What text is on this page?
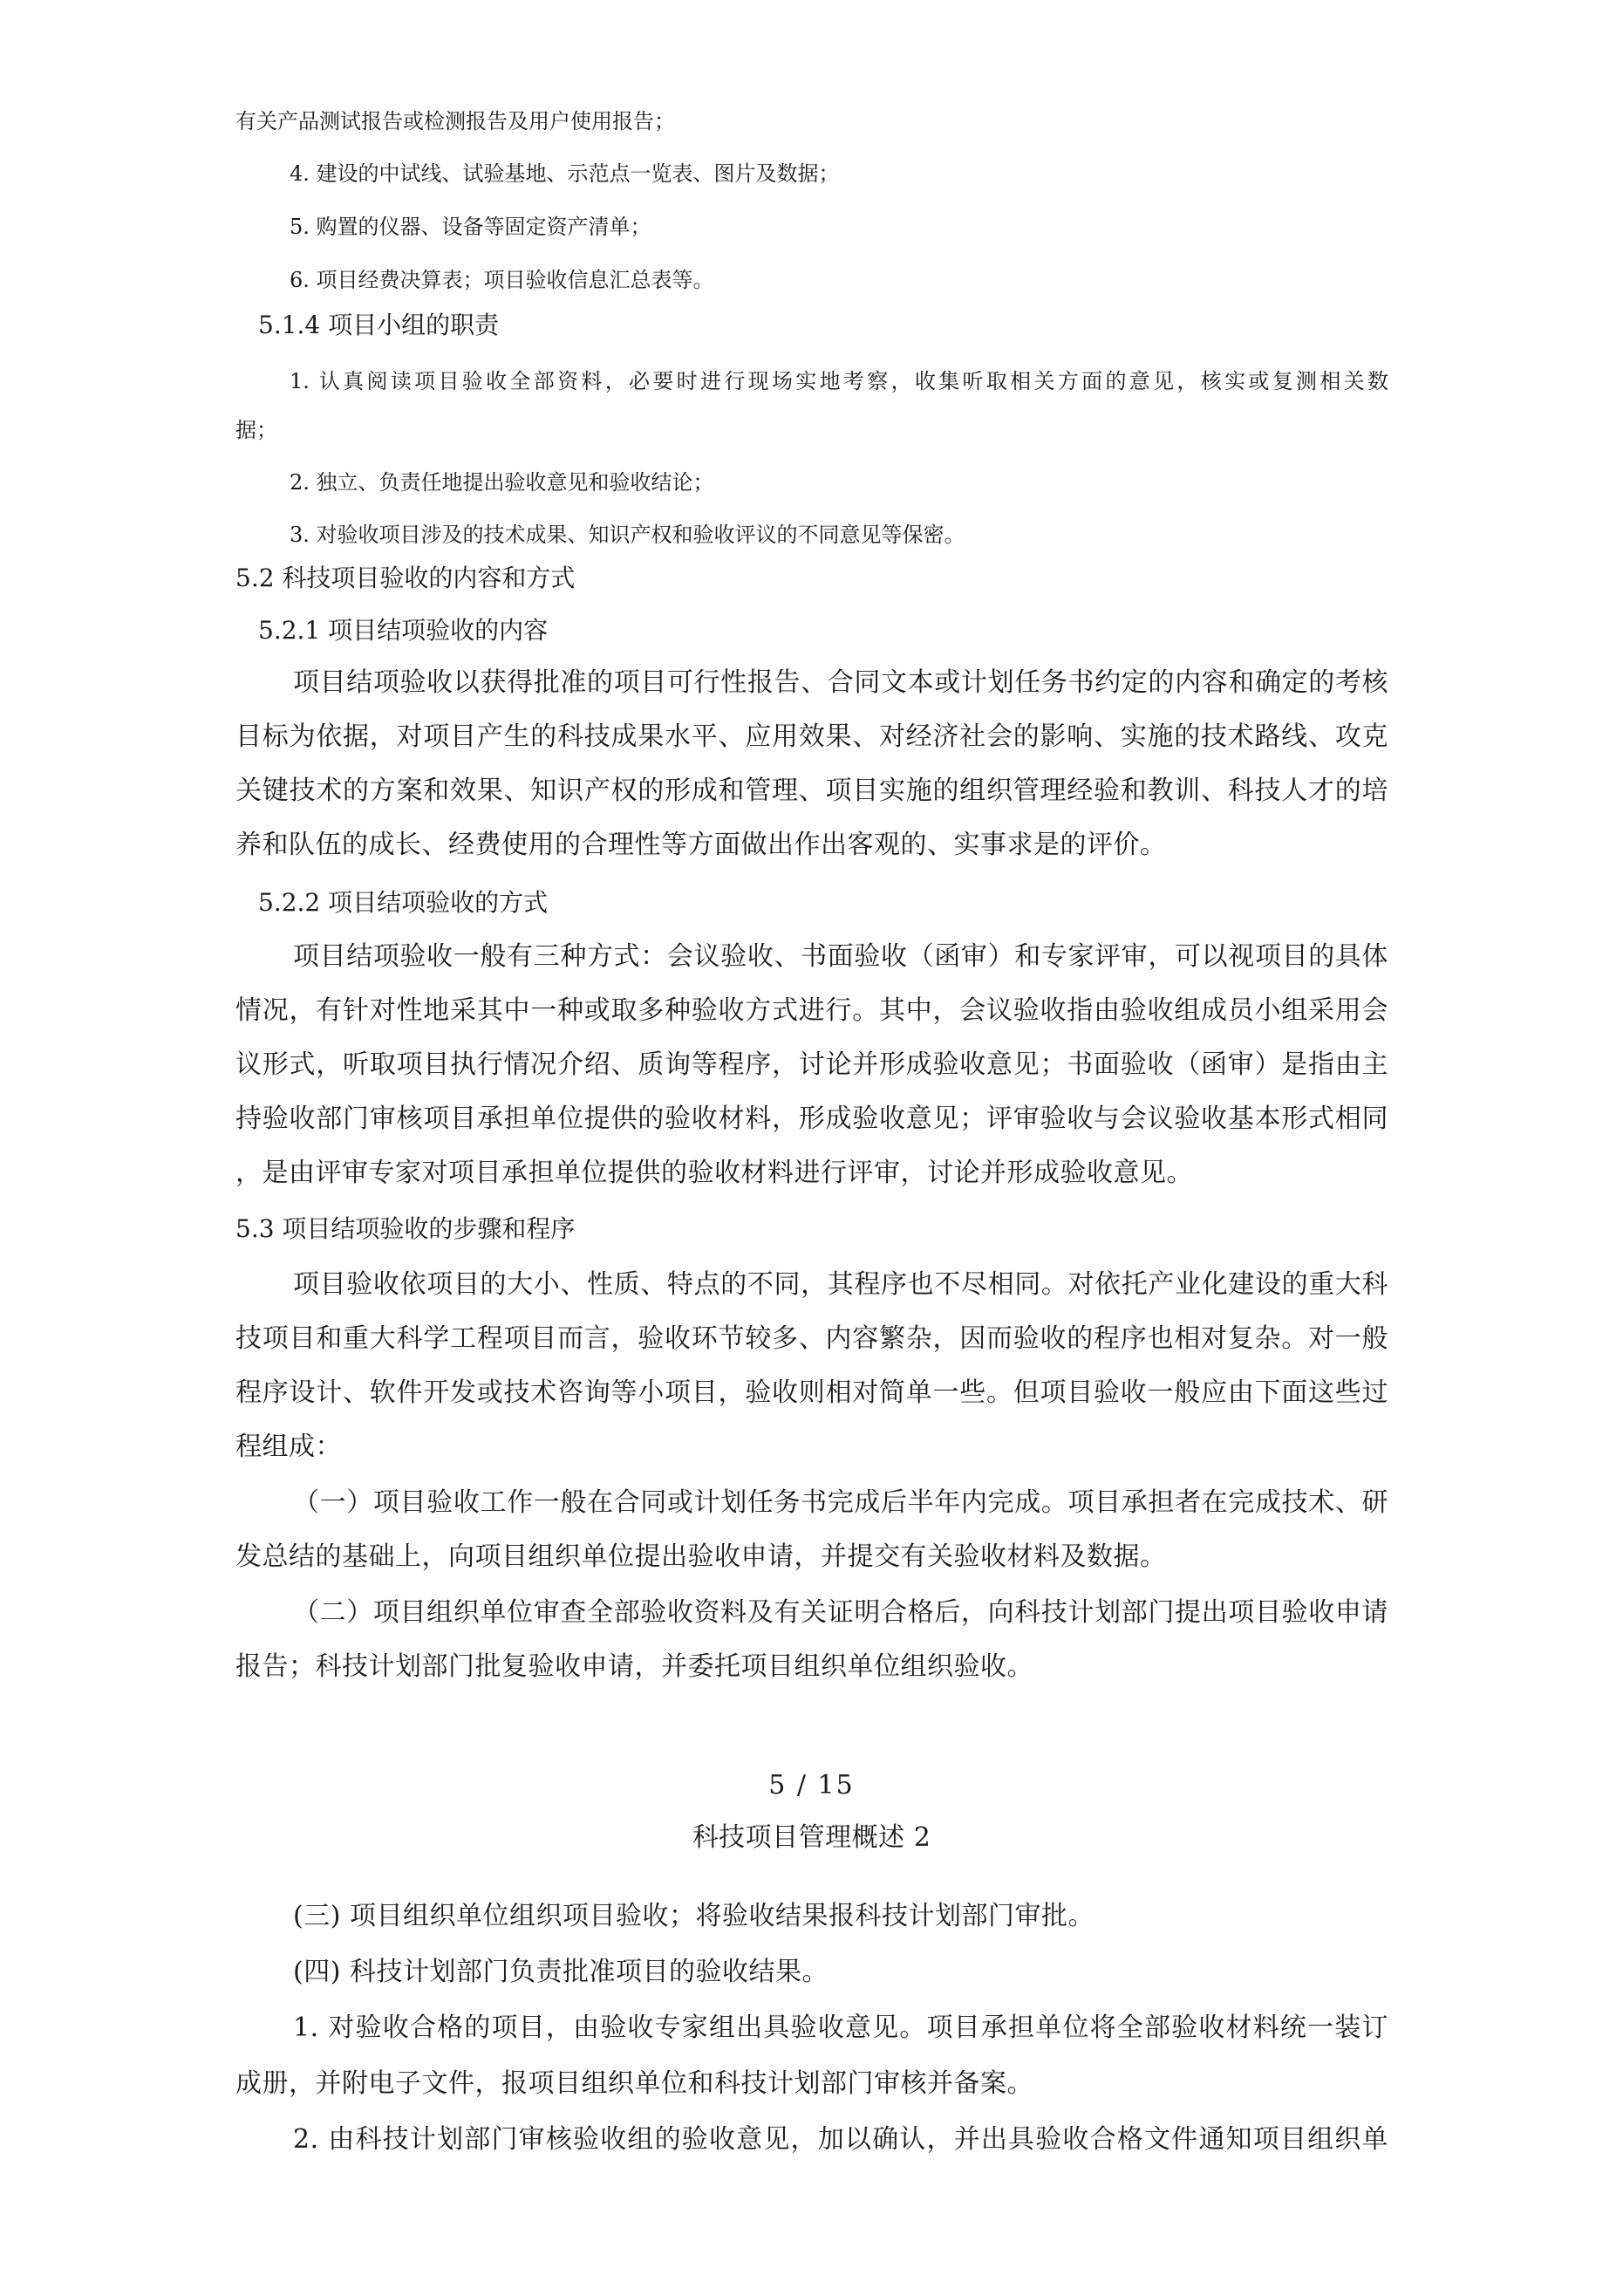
有关产品测试报告或检测报告及用户使用报告；
4. 建设的中试线、试验基地、示范点一览表、图片及数据；
5. 购置的仪器、设备等固定资产清单；
6. 项目经费决算表；项目验收信息汇总表等。
5.1.4 项目小组的职责
1. 认真阅读项目验收全部资料，必要时进行现场实地考察，收集听取相关方面的意见，核实或复测相关数
据；
2. 独立、负责任地提出验收意见和验收结论；
3. 对验收项目涉及的技术成果、知识产权和验收评议的不同意见等保密。
5.2 科技项目验收的内容和方式
5.2.1 项目结项验收的内容
项目结项验收以获得批准的项目可行性报告、合同文本或计划任务书约定的内容和确定的考核
目标为依据，对项目产生的科技成果水平、应用效果、对经济社会的影响、实施的技术路线、攻克
关键技术的方案和效果、知识产权的形成和管理、项目实施的组织管理经验和教训、科技人才的培
养和队伍的成长、经费使用的合理性等方面做出作出客观的、实事求是的评价。
5.2.2 项目结项验收的方式
项目结项验收一般有三种方式：会议验收、书面验收（函审）和专家评审，可以视项目的具体
情况，有针对性地采其中一种或取多种验收方式进行。其中，会议验收指由验收组成员小组采用会
议形式，听取项目执行情况介绍、质询等程序，讨论并形成验收意见；书面验收（函审）是指由主
持验收部门审核项目承担单位提供的验收材料，形成验收意见；评审验收与会议验收基本形式相同
，是由评审专家对项目承担单位提供的验收材料进行评审，讨论并形成验收意见。
5.3 项目结项验收的步骤和程序
项目验收依项目的大小、性质、特点的不同，其程序也不尽相同。对依托产业化建设的重大科
技项目和重大科学工程项目而言，验收环节较多、内容繁杂，因而验收的程序也相对复杂。对一般
程序设计、软件开发或技术咨询等小项目，验收则相对简单一些。但项目验收一般应由下面这些过
程组成：
（一）项目验收工作一般在合同或计划任务书完成后半年内完成。项目承担者在完成技术、研
发总结的基础上，向项目组织单位提出验收申请，并提交有关验收材料及数据。
（二）项目组织单位审查全部验收资料及有关证明合格后，向科技计划部门提出项目验收申请
报告；科技计划部门批复验收申请，并委托项目组织单位组织验收。
5 / 15
科技项目管理概述 2
(三) 项目组织单位组织项目验收；将验收结果报科技计划部门审批。
(四) 科技计划部门负责批准项目的验收结果。
1. 对验收合格的项目，由验收专家组出具验收意见。项目承担单位将全部验收材料统一装订
成册，并附电子文件，报项目组织单位和科技计划部门审核并备案。
2. 由科技计划部门审核验收组的验收意见，加以确认，并出具验收合格文件通知项目组织单
